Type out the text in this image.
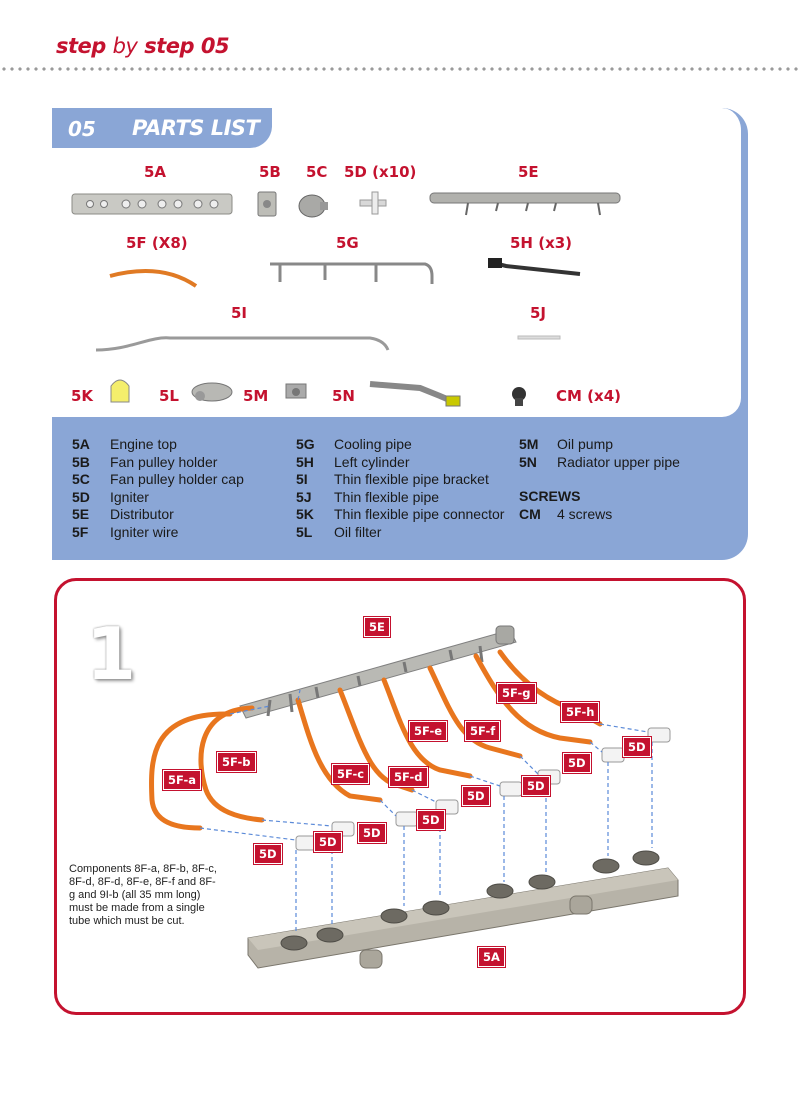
step by step 05
05 PARTS LIST
5A	5B 5C 5D (x10)	5E
5F (X8)	5G	5H (x3)
5I	5J
5K	5L	5M	5N	CM (x4)
5A	Engine top
5B	Fan pulley holder
5C	Fan pulley holder cap
5D	Igniter
5E	Distributor
5F	Igniter wire
5G	Cooling pipe
5H	Left cylinder
5I	Thin flexible pipe bracket
5J	Thin flexible pipe
5K	Thin flexible pipe connector
5L	Oil filter
5M	Oil pump
5N	Radiator upper pipe
SCREWS
CM	4 screws
1	5E
5F-a
5F-b
5F-c	5F-d
5F-e	5F-f
5F-g
5F-h
5D
5D
5D
5D
5D
5D
5D
5D
5A
Components 8F-a, 8F-b, 8F-c, 8F-d, 8F-d, 8F-e, 8F-f and 8F-g and 9I-b (all 35 mm long) must be made from a single tube which must be cut.
